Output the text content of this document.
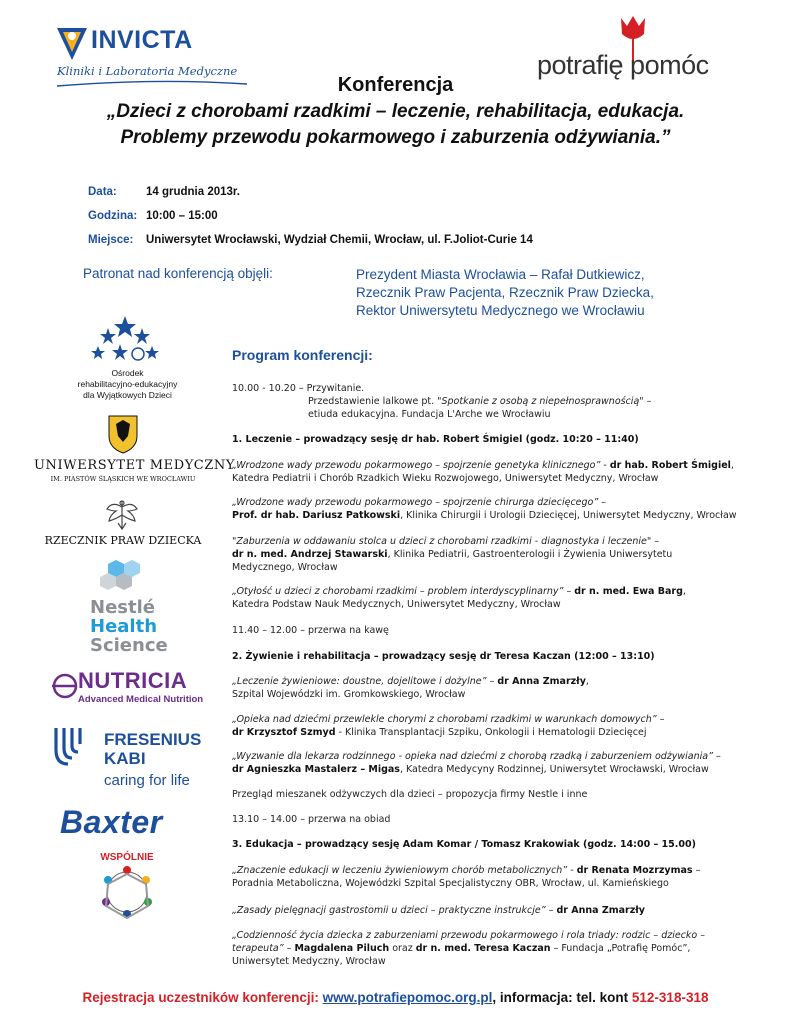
INVICTA
Kliniki i Laboratoria Medyczne	potrafię pomóc
Konferencja
„Dzieci z chorobami rzadkimi – leczenie, rehabilitacja, edukacja.
Problemy przewodu pokarmowego i zaburzenia odżywiania.”
Data:	14 grudnia 2013r.
Godzina: 10:00 – 15:00
Miejsce:	Uniwersytet Wrocławski, Wydział Chemii, Wrocław, ul. F.Joliot-Curie 14
Patronat nad konferencją objęli:	Prezydent Miasta Wrocławia – Rafał Dutkiewicz,
Rzecznik Praw Pacjenta, Rzecznik Praw Dziecka,
Rektor Uniwersytetu Medycznego we Wrocławiu
Ośrodek
rehabilitacyjno-edukacyjny
dla Wyjątkowych Dzieci
UNIWERSYTET MEDYCZNY
IM. PIASTÓW ŚLĄSKICH WE WROCŁAWIU
RZECZNIK PRAW DZIECKA
Nestlé
Health
Science
NUTRICIA
Advanced Medical Nutrition
FRESENIUS
KABI
caring for life
Baxter
WSPÓLNIE
Program konferencji:
10.00 - 10.20 – Przywitanie.
Przedstawienie lalkowe pt. "Spotkanie z osobą z niepełnosprawnością" –
etiuda edukacyjna. Fundacja L'Arche we Wrocławiu
1. Leczenie – prowadzący sesję dr hab. Robert Śmigiel (godz. 10:20 – 11:40)
„Wrodzone wady przewodu pokarmowego – spojrzenie genetyka klinicznego” - dr hab. Robert Śmigiel,
Katedra Pediatrii i Chorób Rzadkich Wieku Rozwojowego, Uniwersytet Medyczny, Wrocław
„Wrodzone wady przewodu pokarmowego – spojrzenie chirurga dziecięcego” –
Prof. dr hab. Dariusz Patkowski, Klinika Chirurgii i Urologii Dziecięcej, Uniwersytet Medyczny, Wrocław
"Zaburzenia w oddawaniu stolca u dzieci z chorobami rzadkimi - diagnostyka i leczenie" –
dr n. med. Andrzej Stawarski, Klinika Pediatrii, Gastroenterologii i Żywienia Uniwersytetu
Medycznego, Wrocław
„Otyłość u dzieci z chorobami rzadkimi – problem interdyscyplinarny” – dr n. med. Ewa Barg,
Katedra Podstaw Nauk Medycznych, Uniwersytet Medyczny, Wrocław
11.40 – 12.00 – przerwa na kawę
2. Żywienie i rehabilitacja – prowadzący sesję dr Teresa Kaczan (12:00 – 13:10)
„Leczenie żywieniowe: doustne, dojelitowe i dożylne” – dr Anna Zmarzły,
Szpital Wojewódzki im. Gromkowskiego, Wrocław
„Opieka nad dziećmi przewlekle chorymi z chorobami rzadkimi w warunkach domowych” –
dr Krzysztof Szmyd - Klinika Transplantacji Szpiku, Onkologii i Hematologii Dziecięcej
„Wyzwanie dla lekarza rodzinnego - opieka nad dziećmi z chorobą rzadką i zaburzeniem odżywiania” –
dr Agnieszka Mastalerz – Migas, Katedra Medycyny Rodzinnej, Uniwersytet Wrocławski, Wrocław
Przegląd mieszanek odżywczych dla dzieci – propozycja firmy Nestle i inne
13.10 – 14.00 – przerwa na obiad
3. Edukacja – prowadzący sesję Adam Komar / Tomasz Krakowiak (godz. 14:00 – 15.00)
„Znaczenie edukacji w leczeniu żywieniowym chorób metabolicznych” - dr Renata Mozrzymas –
Poradnia Metaboliczna, Wojewódzki Szpital Specjalistyczny OBR, Wrocław, ul. Kamieńskiego
„Zasady pielęgnacji gastrostomii u dzieci – praktyczne instrukcje” – dr Anna Zmarzły
„Codzienność życia dziecka z zaburzeniami przewodu pokarmowego i rola triady: rodzic – dziecko –
terapeuta” – Magdalena Piluch oraz dr n. med. Teresa Kaczan – Fundacja „Potrafię Pomóc”,
Uniwersytet Medyczny, Wrocław
Rejestracja uczestników konferencji: www.potrafiepomoc.org.pl, informacja: tel. kont 512-318-318
